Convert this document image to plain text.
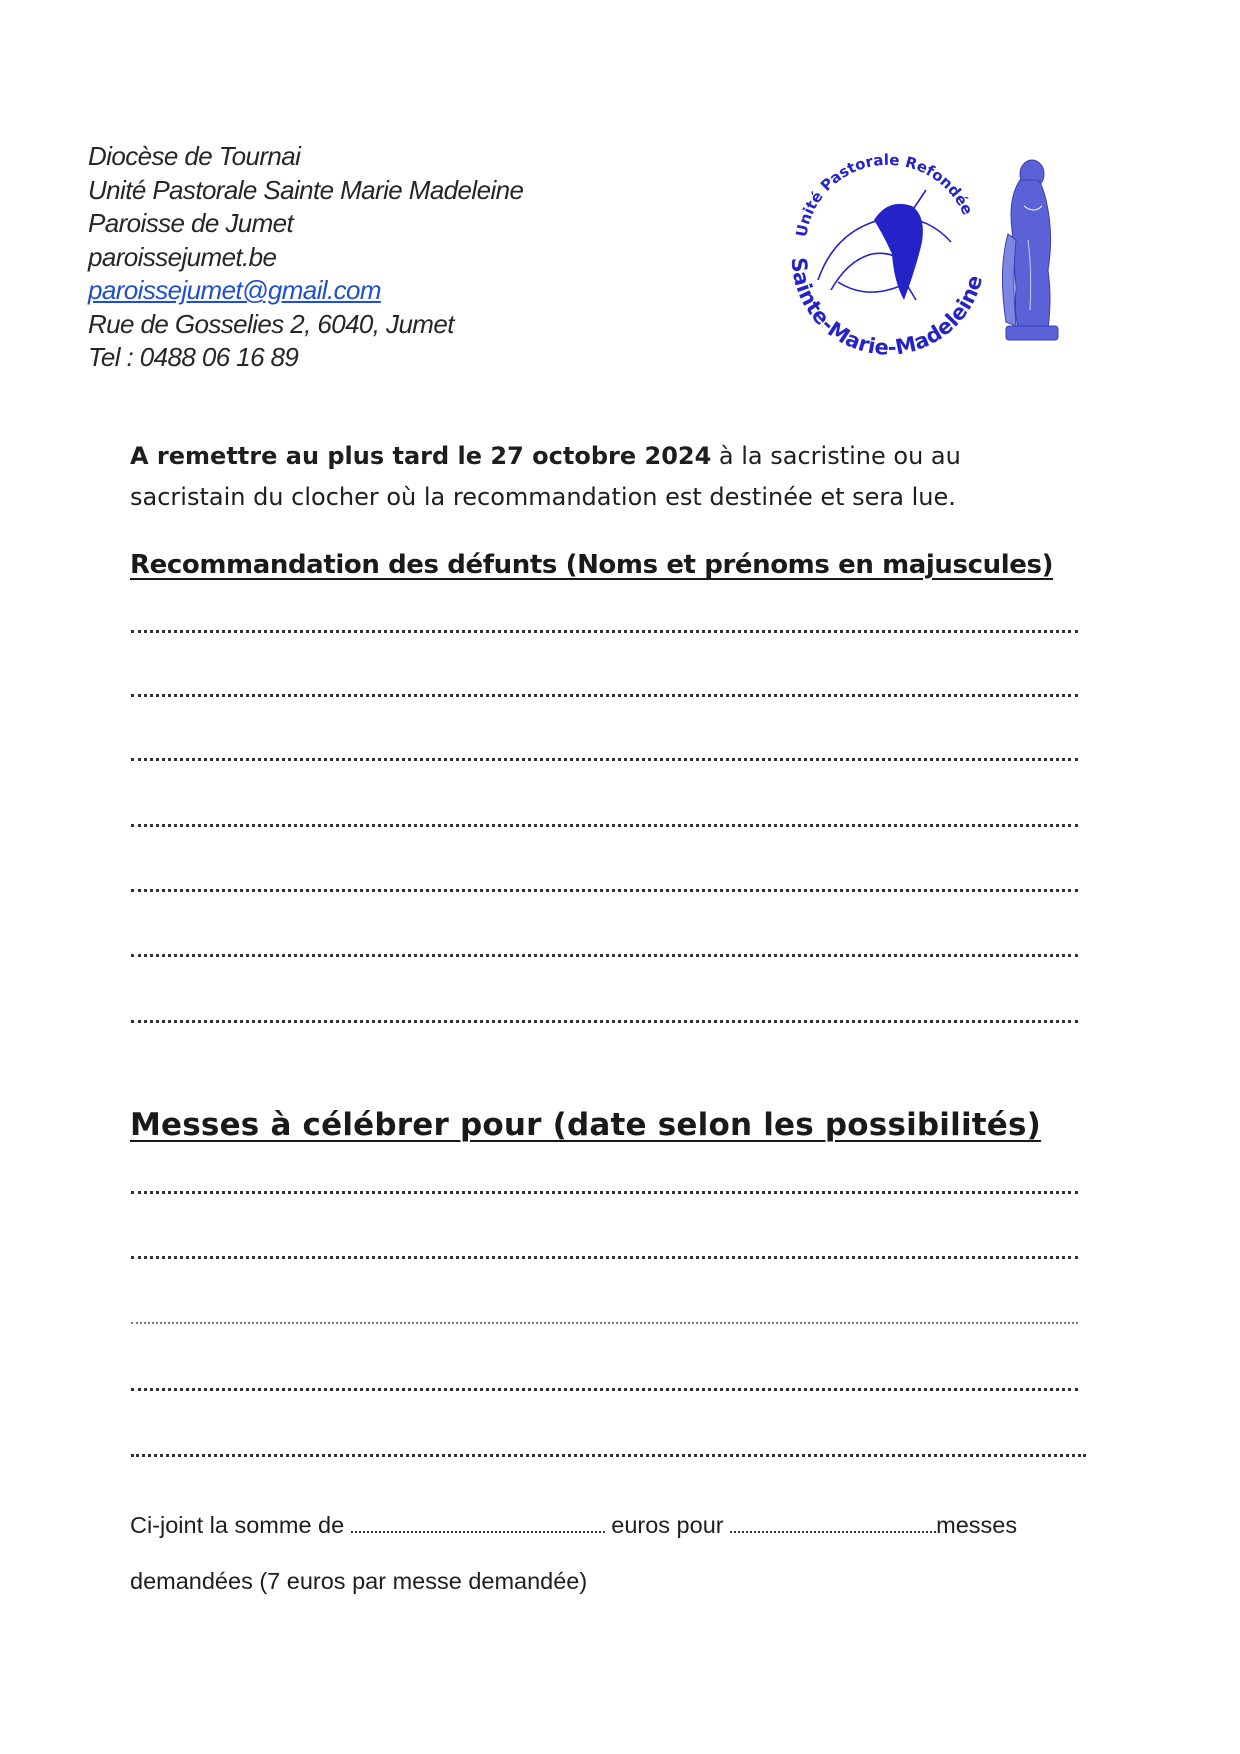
Diocèse de Tournai
Unité Pastorale Sainte Marie Madeleine
Paroisse de Jumet
paroissejumet.be
paroissejumet@gmail.com
Rue de Gosselies 2, 6040, Jumet
Tel : 0488 06 16 89
Unité Pastorale Refondée
Sainte-Marie-Madeleine
A remettre au plus tard le 27 octobre 2024 à la sacristine ou au
sacristain du clocher où la recommandation est destinée et sera lue.
Recommandation des défunts (Noms et prénoms en majuscules)
Messes à célébrer pour (date selon les possibilités)
Ci-joint la somme de	euros pour	messes
demandées (7 euros par messe demandée)
